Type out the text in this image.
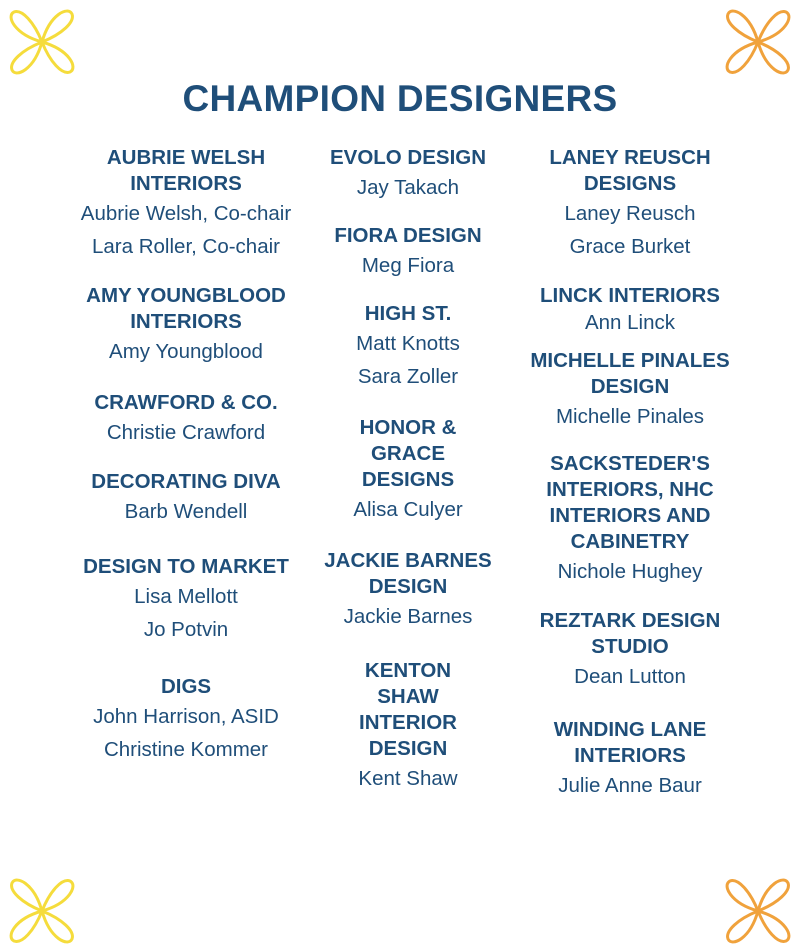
CHAMPION DESIGNERS
AUBRIE WELSH INTERIORS
Aubrie Welsh, Co-chair
Lara Roller, Co-chair
AMY YOUNGBLOOD INTERIORS
Amy Youngblood
CRAWFORD & CO.
Christie Crawford
DECORATING DIVA
Barb Wendell
DESIGN TO MARKET
Lisa Mellott
Jo Potvin
DIGS
John Harrison, ASID
Christine Kommer
EVOLO DESIGN
Jay Takach
FIORA DESIGN
Meg Fiora
HIGH ST.
Matt Knotts
Sara Zoller
HONOR & GRACE DESIGNS
Alisa Culyer
JACKIE BARNES DESIGN
Jackie Barnes
KENTON SHAW INTERIOR DESIGN
Kent Shaw
LANEY REUSCH DESIGNS
Laney Reusch
Grace Burket
LINCK INTERIORS
Ann Linck
MICHELLE PINALES DESIGN
Michelle Pinales
SACKSTEDER'S INTERIORS, NHC INTERIORS AND CABINETRY
Nichole Hughey
REZTARK DESIGN STUDIO
Dean Lutton
WINDING LANE INTERIORS
Julie Anne Baur
